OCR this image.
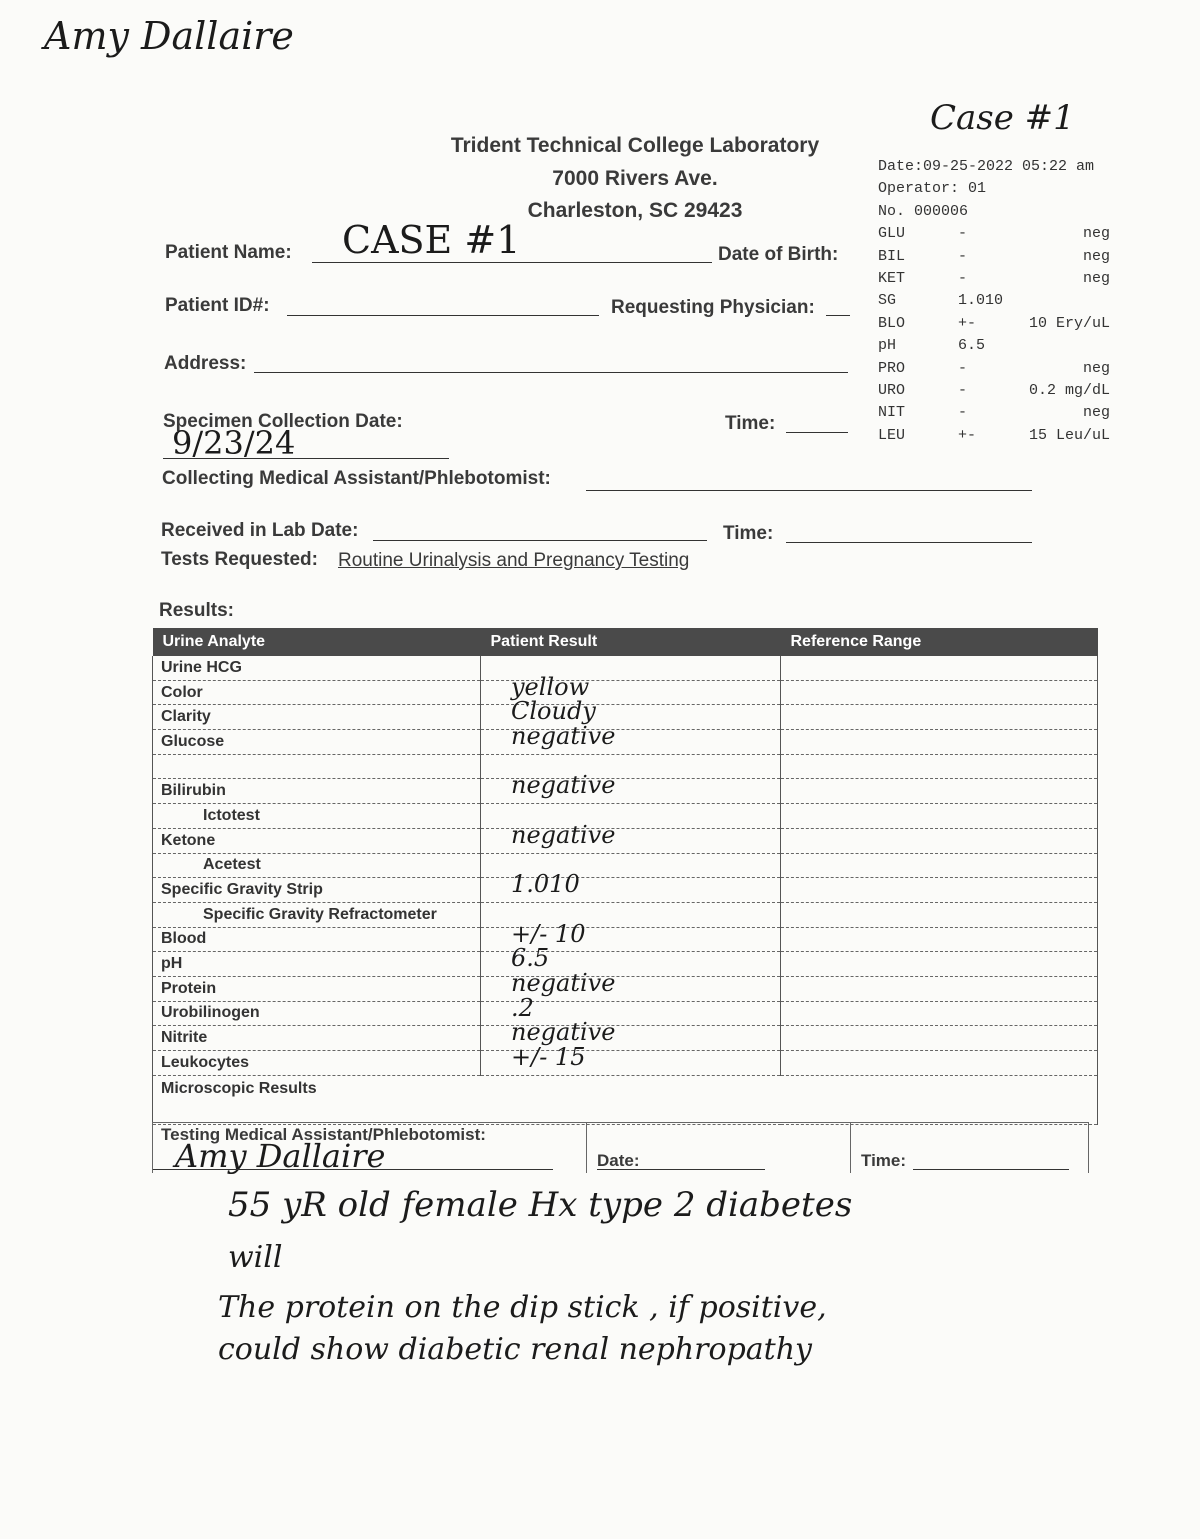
Amy Dallaire
Case #1
Trident Technical College Laboratory
7000 Rivers Ave.
Charleston, SC 29423
Date:09-25-2022 05:22 am
Operator: 01
No. 000006
GLU	-	neg
BIL	-	neg
KET	-	neg
SG	1.010
BLO	+-	10 Ery/uL
pH	6.5
PRO	-	neg
URO	-	0.2 mg/dL
NIT	-	neg
LEU	+-	15 Leu/uL
Patient Name: CASE #1	Date of Birth:
Patient ID#:	Requesting Physician:
Address:
Specimen Collection Date:
9/23/24
Time:
Collecting Medical Assistant/Phlebotomist:
Received in Lab Date:	Time:
Tests Requested: Routine Urinalysis and Pregnancy Testing
Results:
Urine Analyte	Patient Result	Reference Range
Urine HCG	

Color	yellow	

Clarity	Cloudy	

Glucose	negative	

Bilirubin	negative	

Ictotest	

Ketone	negative	

Acetest	

Specific Gravity Strip	1.010	

Specific Gravity Refractometer	

Blood	+/- 10	

pH	6.5	

Protein	negative	

Urobilinogen	.2	

Nitrite	negative	

Leukocytes	+/- 15	

Microscopic Results		
Testing Medical Assistant/Phlebotomist:
Amy Dallaire	Date:	Time:
55 yR old female Hx type 2 diabetes
will
The protein on the dip stick , if positive,
could show diabetic renal nephropathy
